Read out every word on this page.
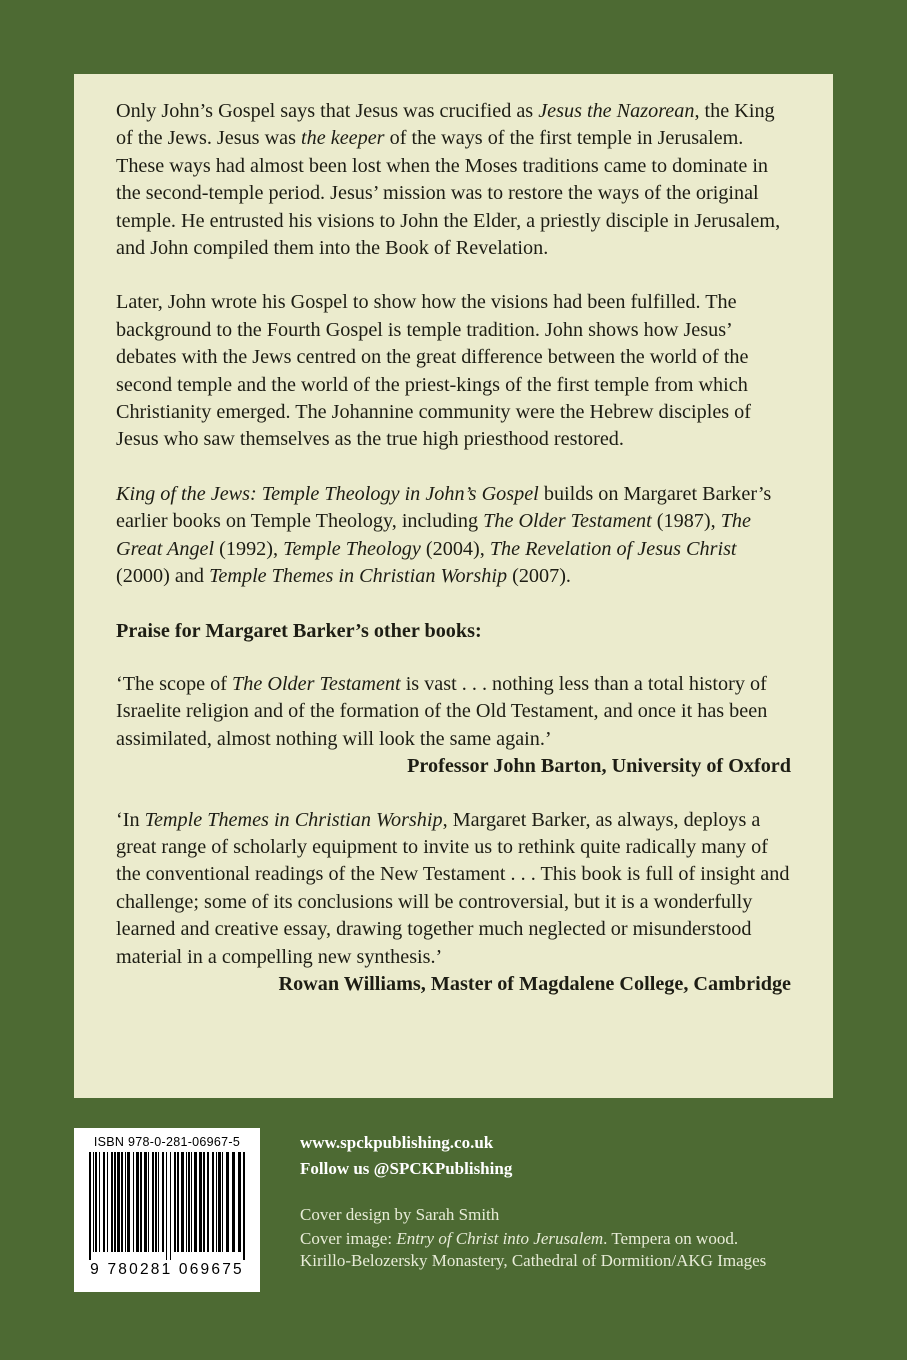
Only John’s Gospel says that Jesus was crucified as Jesus the Nazorean, the King of the Jews. Jesus was the keeper of the ways of the first temple in Jerusalem. These ways had almost been lost when the Moses traditions came to dominate in the second-temple period. Jesus’ mission was to restore the ways of the original temple. He entrusted his visions to John the Elder, a priestly disciple in Jerusalem, and John compiled them into the Book of Revelation.

Later, John wrote his Gospel to show how the visions had been fulfilled. The background to the Fourth Gospel is temple tradition. John shows how Jesus’ debates with the Jews centred on the great difference between the world of the second temple and the world of the priest-kings of the first temple from which Christianity emerged. The Johannine community were the Hebrew disciples of Jesus who saw themselves as the true high priesthood restored.

King of the Jews: Temple Theology in John’s Gospel builds on Margaret Barker’s earlier books on Temple Theology, including The Older Testament (1987), The Great Angel (1992), Temple Theology (2004), The Revelation of Jesus Christ (2000) and Temple Themes in Christian Worship (2007).

Praise for Margaret Barker’s other books:

‘The scope of The Older Testament is vast . . . nothing less than a total history of Israelite religion and of the formation of the Old Testament, and once it has been assimilated, almost nothing will look the same again.’

Professor John Barton, University of Oxford

‘In Temple Themes in Christian Worship, Margaret Barker, as always, deploys a great range of scholarly equipment to invite us to rethink quite radically many of the conventional readings of the New Testament . . . This book is full of insight and challenge; some of its conclusions will be controversial, but it is a wonderfully learned and creative essay, drawing together much neglected or misunderstood material in a compelling new synthesis.’

Rowan Williams, Master of Magdalene College, Cambridge
ISBN 978-0-281-06967-5
9 780281 069675
www.spckpublishing.co.uk
Follow us @SPCKPublishing
Cover design by Sarah Smith
Cover image: Entry of Christ into Jerusalem. Tempera on wood.
Kirillo-Belozersky Monastery, Cathedral of Dormition/AKG Images
